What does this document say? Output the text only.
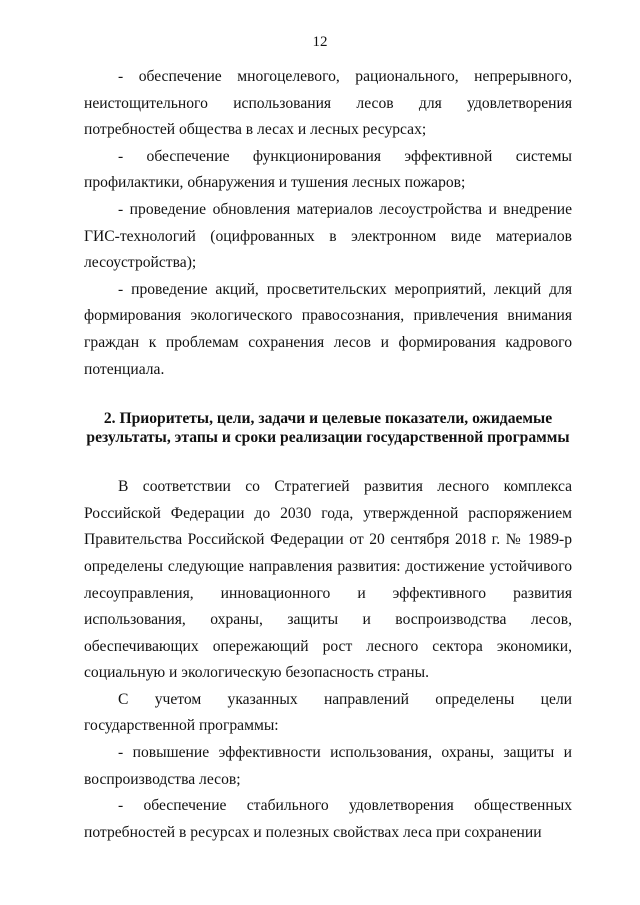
12

- обеспечение многоцелевого, рационального, непрерывного, неистощительного использования лесов для удовлетворения потребностей общества в лесах и лесных ресурсах;

- обеспечение функционирования эффективной системы профилактики, обнаружения и тушения лесных пожаров;

- проведение обновления материалов лесоустройства и внедрение ГИС-технологий (оцифрованных в электронном виде материалов лесоустройства);

- проведение акций, просветительских мероприятий, лекций для формирования экологического правосознания, привлечения внимания граждан к проблемам сохранения лесов и формирования кадрового потенциала.

2. Приоритеты, цели, задачи и целевые показатели, ожидаемые результаты, этапы и сроки реализации государственной программы

В соответствии со Стратегией развития лесного комплекса Российской Федерации до 2030 года, утвержденной распоряжением Правительства Российской Федерации от 20 сентября 2018 г. № 1989-р определены следующие направления развития: достижение устойчивого лесоуправления, инновационного и эффективного развития использования, охраны, защиты и воспроизводства лесов, обеспечивающих опережающий рост лесного сектора экономики, социальную и экологическую безопасность страны.

С учетом указанных направлений определены цели государственной программы:

- повышение эффективности использования, охраны, защиты и воспроизводства лесов;

- обеспечение стабильного удовлетворения общественных потребностей в ресурсах и полезных свойствах леса при сохранении
